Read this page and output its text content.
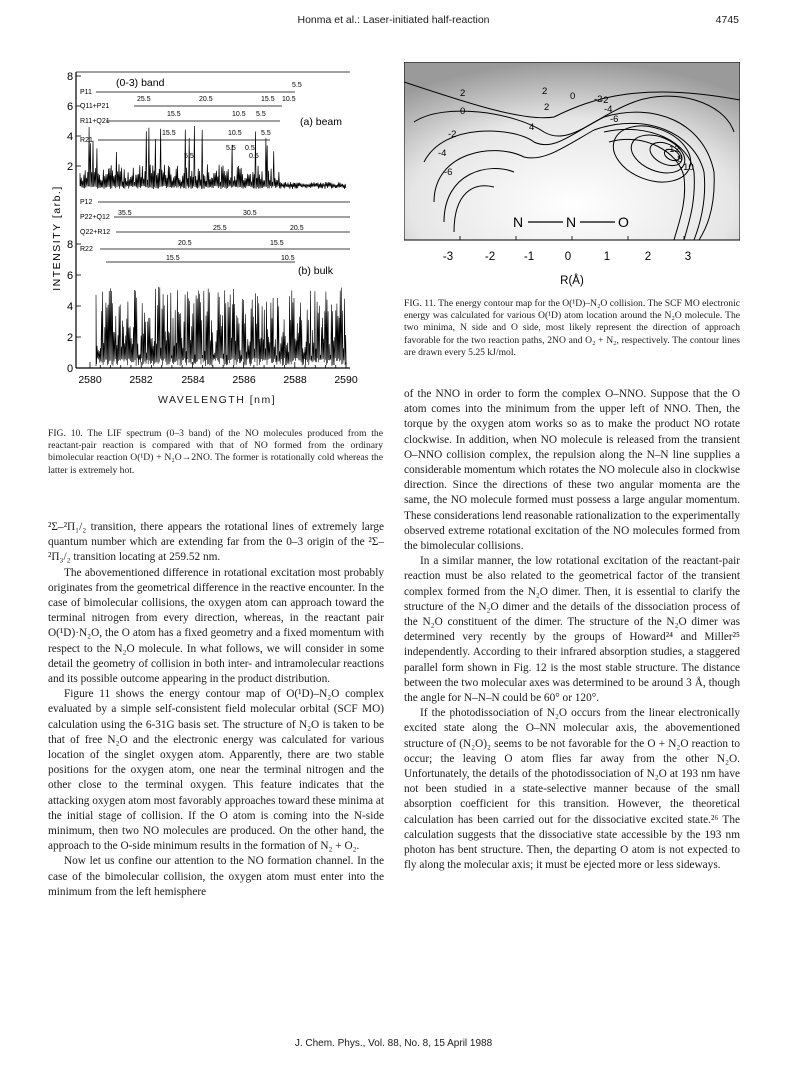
Honma et al.: Laser-initiated half-reaction	4745
8
6
4
2
0
2
4
6
8
INTENSITY [arb.]
(0-3) band
(a) beam
(b) bulk
P11
Q11+P21
R11+Q21
R21
P12
P22+Q12
Q22+R12
R22
5.5
10.5
15.5
20.5
25.5
5.5
10.5
15.5
5.5
10.5
15.5
5.5 0.5
5.5	0.5
35.5	30.5
25.5	20.5
20.5	15.5
15.5	10.5
2580	2582	2584	2586	2588	2590
WAVELENGTH [nm]
FIG. 10. The LIF spectrum (0–3 band) of the NO molecules produced from the reactant-pair reaction is compared with that of NO formed from the ordinary bimolecular reaction O(¹D) + N₂O→2NO. The former is rotationally cold whereas the latter is extremely hot.
2	2
0	2
0 -2
4
-2
-4
-6
-2
-4
-6
-8
-10
-12
N	N	O
-3	-2	-1	0	1	2	3
R(Å)
FIG. 11. The energy contour map for the O(¹D)–N₂O collision. The SCF MO electronic energy was calculated for various O(¹D) atom location around the N₂O molecule. The two minima, N side and O side, most likely represent the direction of approach favorable for the two reaction paths, 2NO and O₂ + N₂, respectively. The contour lines are drawn every 5.25 kJ/mol.

²Σ–²Π₁/₂ transition, there appears the rotational lines of extremely large quantum number which are extending far from the 0–3 origin of the ²Σ–²Π₃/₂ transition locating at 259.52 nm.

The abovementioned difference in rotational excitation most probably originates from the geometrical difference in the reactive encounter. In the case of bimolecular collisions, the oxygen atom can approach toward the terminal nitrogen from every direction, whereas, in the reactant pair O(¹D)·N₂O, the O atom has a fixed geometry and a fixed momentum with respect to the N₂O molecule. In what follows, we will consider in some detail the geometry of collision in both inter- and intramolecular reactions and its possible outcome appearing in the product distribution.

Figure 11 shows the energy contour map of O(¹D)–N₂O complex evaluated by a simple self-consistent field molecular orbital (SCF MO) calculation using the 6-31G basis set. The structure of N₂O is taken to be that of free N₂O and the electronic energy was calculated for various location of the singlet oxygen atom. Apparently, there are two stable positions for the oxygen atom, one near the terminal nitrogen and the other close to the terminal oxygen. This feature indicates that the attacking oxygen atom most favorably approaches toward these minima at the initial stage of collision. If the O atom is coming into the N-side minimum, then two NO molecules are produced. On the other hand, the approach to the O-side minimum results in the formation of N₂ + O₂.

Now let us confine our attention to the NO formation channel. In the case of the bimolecular collision, the oxygen atom must enter into the minimum from the left hemisphere

of the NNO in order to form the complex O–NNO. Suppose that the O atom comes into the minimum from the upper left of NNO. Then, the torque by the oxygen atom works so as to make the product NO rotate clockwise. In addition, when NO molecule is released from the transient O–NNO collision complex, the repulsion along the N–N line supplies a considerable momentum which rotates the NO molecule also in clockwise direction. Since the directions of these two angular momenta are the same, the NO molecule formed must possess a large angular momentum. These considerations lend reasonable rationalization to the experimentally observed extreme rotational excitation of the NO molecules formed from the bimolecular collisions.

In a similar manner, the low rotational excitation of the reactant-pair reaction must be also related to the geometrical factor of the transient complex formed from the N₂O dimer. Then, it is essential to clarify the structure of the N₂O dimer and the details of the dissociation process of the N₂O constituent of the dimer. The structure of the N₂O dimer was determined very recently by the groups of Howard²⁴ and Miller²⁵ independently. According to their infrared absorption studies, a staggered parallel form shown in Fig. 12 is the most stable structure. The distance between the two molecular axes was determined to be around 3 Å, though the angle for N–N–N could be 60° or 120°.

If the photodissociation of N₂O occurs from the linear electronically excited state along the O–NN molecular axis, the abovementioned structure of (N₂O)₂ seems to be not favorable for the O + N₂O reaction to occur; the leaving O atom flies far away from the other N₂O. Unfortunately, the details of the photodissociation of N₂O at 193 nm have not been studied in a state-selective manner because of the small absorption coefficient for this transition. However, the theoretical calculation has been carried out for the dissociative excited state.²⁶ The calculation suggests that the dissociative state accessible by the 193 nm photon has bent structure. Then, the departing O atom is not expected to fly along the molecular axis; it must be ejected more or less sideways.

J. Chem. Phys., Vol. 88, No. 8, 15 April 1988
